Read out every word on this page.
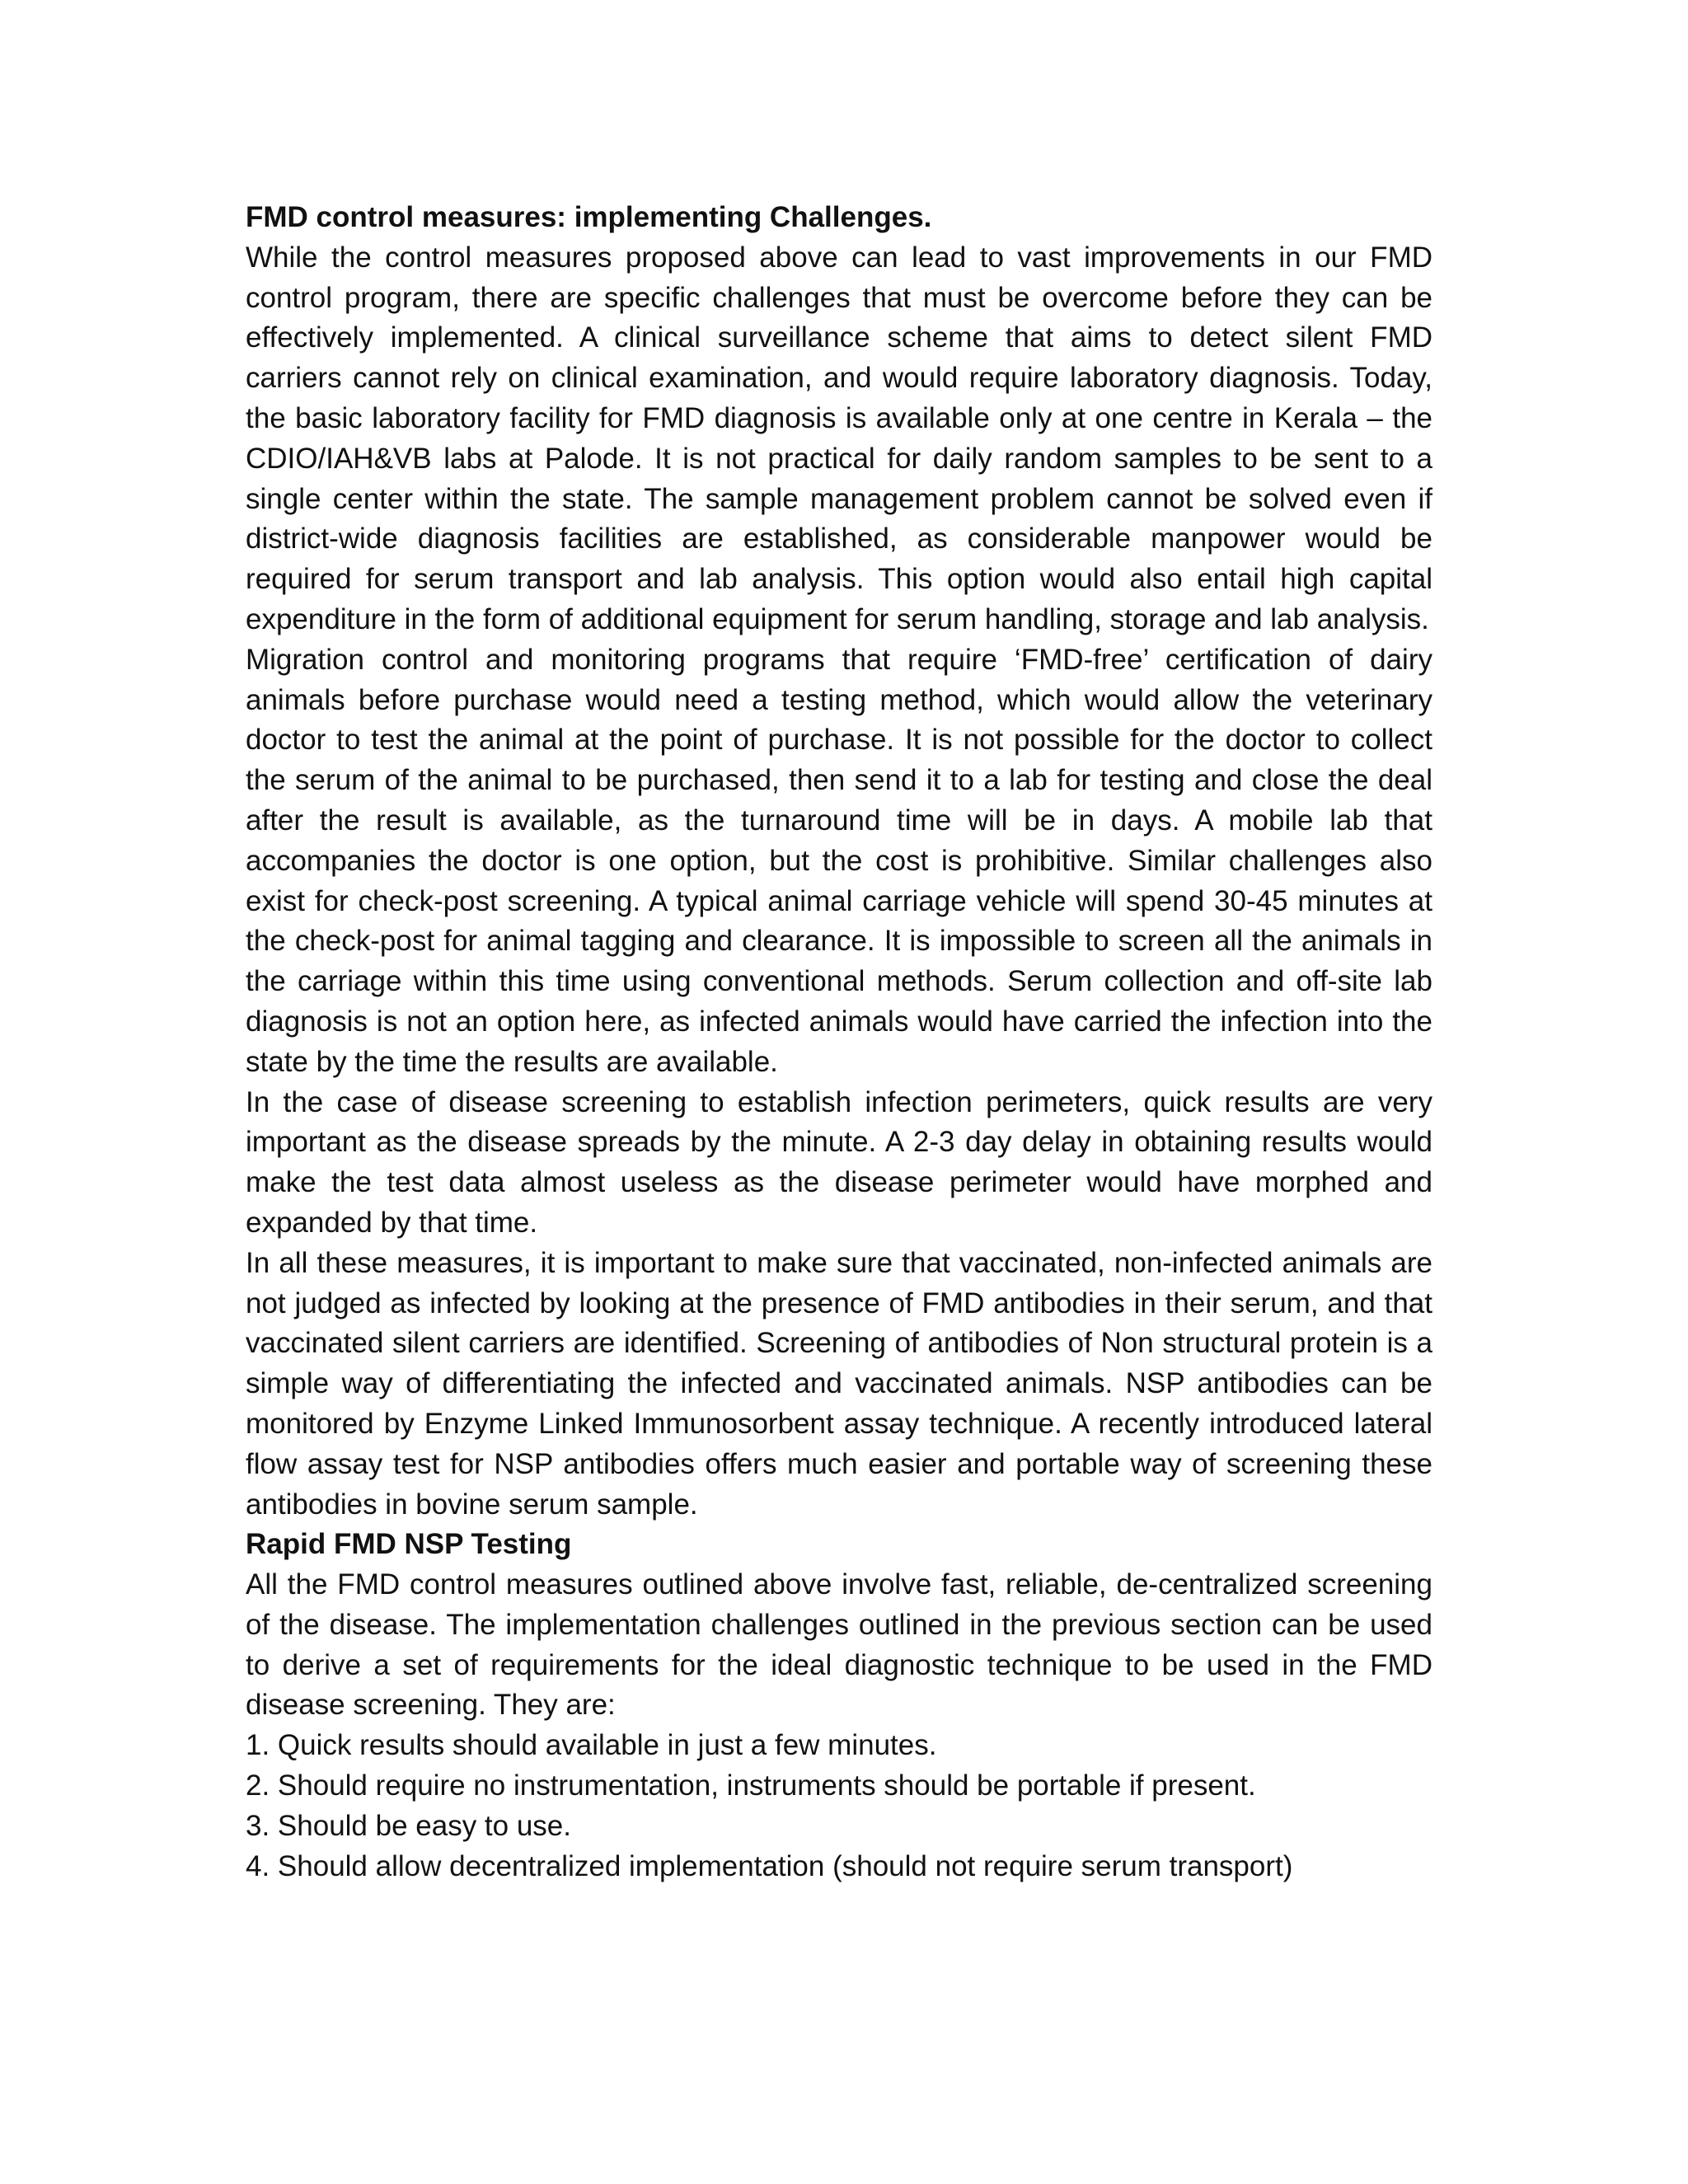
FMD control measures: implementing Challenges.

While the control measures proposed above can lead to vast improvements in our FMD control program, there are specific challenges that must be overcome before they can be effectively implemented. A clinical surveillance scheme that aims to detect silent FMD carriers cannot rely on clinical examination, and would require laboratory diagnosis. Today, the basic laboratory facility for FMD diagnosis is available only at one centre in Kerala – the CDIO/IAH&VB labs at Palode. It is not practical for daily random samples to be sent to a single center within the state. The sample management problem cannot be solved even if district-wide diagnosis facilities are established, as considerable manpower would be required for serum transport and lab analysis. This option would also entail high capital expenditure in the form of additional equipment for serum handling, storage and lab analysis.

Migration control and monitoring programs that require ‘FMD-free’ certification of dairy animals before purchase would need a testing method, which would allow the veterinary doctor to test the animal at the point of purchase. It is not possible for the doctor to collect the serum of the animal to be purchased, then send it to a lab for testing and close the deal after the result is available, as the turnaround time will be in days. A mobile lab that accompanies the doctor is one option, but the cost is prohibitive. Similar challenges also exist for check-post screening. A typical animal carriage vehicle will spend 30-45 minutes at the check-post for animal tagging and clearance. It is impossible to screen all the animals in the carriage within this time using conventional methods. Serum collection and off-site lab diagnosis is not an option here, as infected animals would have carried the infection into the state by the time the results are available.

In the case of disease screening to establish infection perimeters, quick results are very important as the disease spreads by the minute. A 2-3 day delay in obtaining results would make the test data almost useless as the disease perimeter would have morphed and expanded by that time.

In all these measures, it is important to make sure that vaccinated, non-infected animals are not judged as infected by looking at the presence of FMD antibodies in their serum, and that vaccinated silent carriers are identified. Screening of antibodies of Non structural protein is a simple way of differentiating the infected and vaccinated animals. NSP antibodies can be monitored by Enzyme Linked Immunosorbent assay technique. A recently introduced lateral flow assay test for NSP antibodies offers much easier and portable way of screening these antibodies in bovine serum sample.

Rapid FMD NSP Testing

All the FMD control measures outlined above involve fast, reliable, de-centralized screening of the disease. The implementation challenges outlined in the previous section can be used to derive a set of requirements for the ideal diagnostic technique to be used in the FMD disease screening. They are:

1. Quick results should available in just a few minutes.
2. Should require no instrumentation, instruments should be portable if present.
3. Should be easy to use.
4. Should allow decentralized implementation (should not require serum transport)
